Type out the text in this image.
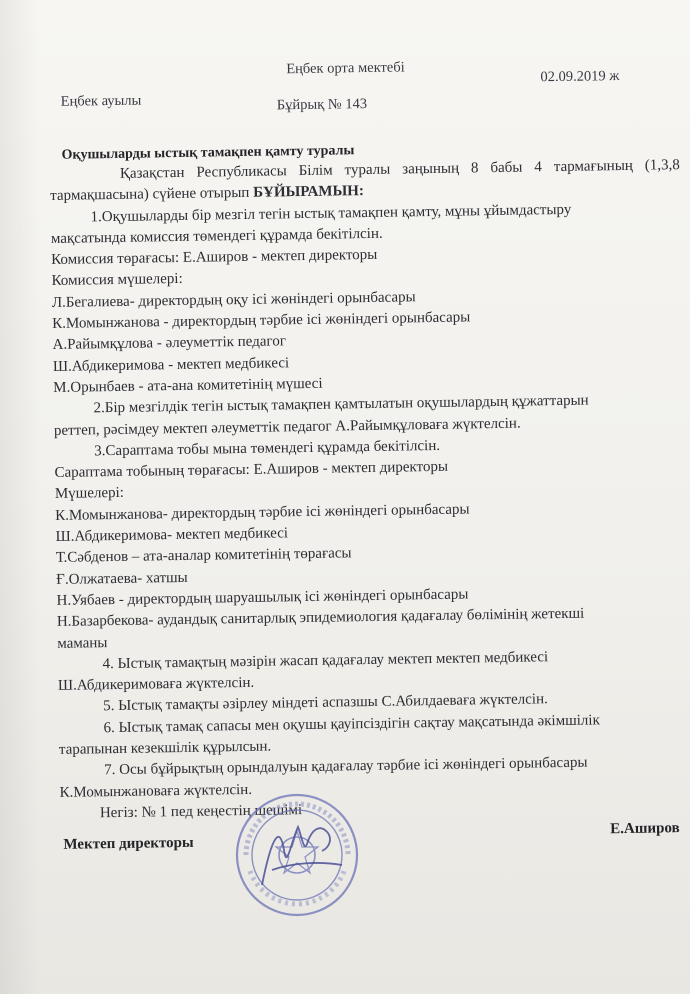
Еңбек орта мектебі	02.09.2019 ж
Еңбек ауылы	Бұйрық № 143
Оқушыларды ыстық тамақпен қамту туралы
Қазақстан Республикасы Білім туралы заңының 8 бабы 4 тармағының (1,3,8
тармақшасына) сүйене отырып БҰЙЫРАМЫН:
1.Оқушыларды бір мезгіл тегін ыстық тамақпен қамту, мұны ұйымдастыру
мақсатында комиссия төмендегі құрамда бекітілсін.
Комиссия төрағасы: Е.Аширов - мектеп директоры
Комиссия мүшелері:
Л.Бегалиева- директордың оқу ісі жөніндегі орынбасары
К.Момынжанова - директордың тәрбие ісі жөніндегі орынбасары
А.Райымқұлова - әлеуметтік педагог
Ш.Абдикеримова - мектеп медбикесі
М.Орынбаев - ата-ана комитетінің мүшесі
2.Бір мезгілдік тегін ыстық тамақпен қамтылатын оқушылардың құжаттарын
реттеп, рәсімдеу мектеп әлеуметтік педагог А.Райымқұловаға жүктелсін.
3.Сараптама тобы мына төмендегі құрамда бекітілсін.
Сараптама тобының төрағасы: Е.Аширов - мектеп директоры
Мүшелері:
К.Момынжанова- директордың тәрбие ісі жөніндегі орынбасары
Ш.Абдикеримова- мектеп медбикесі
Т.Сәбденов – ата-аналар комитетінің төрағасы
Ғ.Олжатаева- хатшы
Н.Уябаев - директордың шаруашылық ісі жөніндегі орынбасары
Н.Базарбекова- аудандық санитарлық эпидемиология қадағалау бөлімінің жетекші
маманы
4. Ыстық тамақтың мәзірін жасап қадағалау мектеп мектеп медбикесі
Ш.Абдикеримоваға жүктелсін.
5. Ыстық тамақты әзірлеу міндеті аспазшы С.Абилдаеваға жүктелсін.
6. Ыстық тамақ сапасы мен оқушы қауіпсіздігін сақтау мақсатында әкімшілік
тарапынан кезекшілік құрылсын.
7. Осы бұйрықтың орындалуын қадағалау тәрбие ісі жөніндегі орынбасары
К.Момынжановаға жүктелсін.
Негіз: № 1 пед кеңестің шешімі
Мектеп директоры
Е.Аширов
